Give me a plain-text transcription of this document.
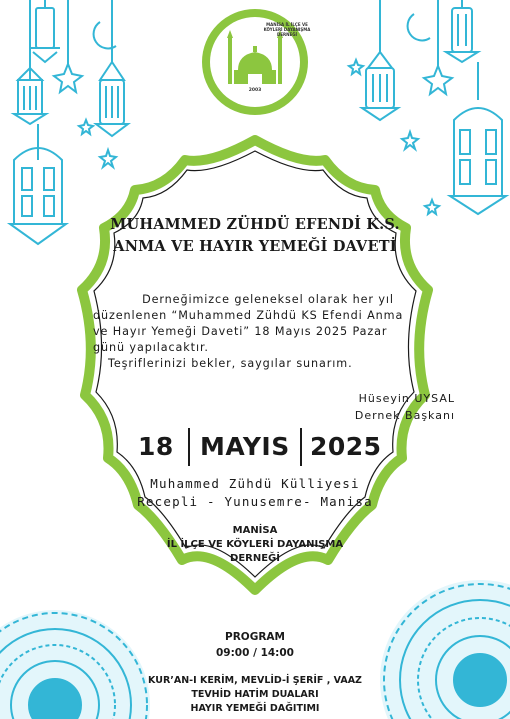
MANİSA İL İLÇE VE KÖYLERİ DAYANIŞMA DERNEĞİ
2003
MUHAMMED ZÜHDÜ EFENDİ K.S.
ANMA VE HAYIR YEMEĞİ DAVETİ
Derneğimizce geleneksel olarak her yıl
düzenlenen “Muhammed Zühdü KS Efendi Anma
ve Hayır Yemeği Daveti” 18 Mayıs 2025 Pazar
günü yapılacaktır.
Teşriflerinizi bekler, saygılar sunarım.
Hüseyin UYSAL
Dernek Başkanı
18 MAYIS 2025
Muhammed Zühdü Külliyesi
Recepli - Yunusemre- Manisa
MANİSA
İL İLÇE VE KÖYLERİ DAYANIŞMA
DERNEĞİ
PROGRAM
09:00 / 14:00
KUR’AN-I KERİM, MEVLİD-İ ŞERİF , VAAZ
TEVHİD HATİM DUALARI
HAYIR YEMEĞİ DAĞITIMI
